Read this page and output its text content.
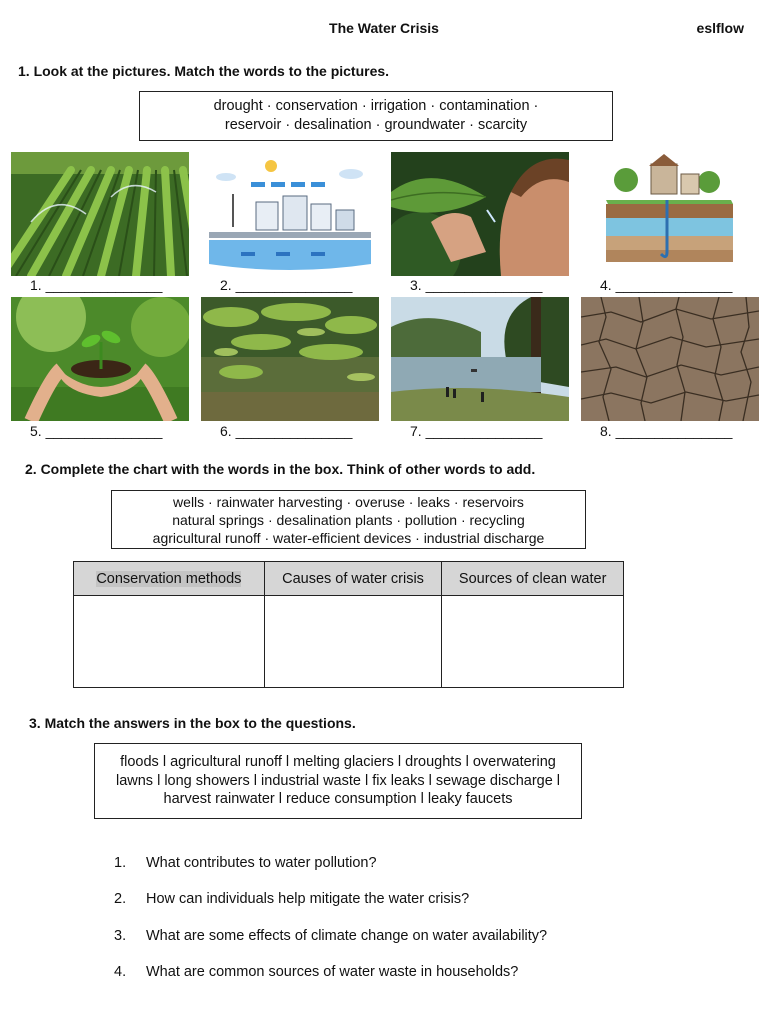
The Water Crisis	eslflow
1. Look at the pictures. Match the words to the pictures.
drought · conservation · irrigation · contamination ·
reservoir · desalination · groundwater · scarcity
1. _______________	2. _______________	3. _______________	4. _______________
5. _______________	6. _______________	7. _______________	8. _______________
2. Complete the chart with the words in the box. Think of other words to add.
wells · rainwater harvesting · overuse · leaks · reservoirs
natural springs · desalination plants · pollution · recycling
agricultural runoff · water-efficient devices · industrial discharge
Conservation methods	Causes of water crisis	Sources of clean water

3. Match the answers in the box to the questions.
floods l agricultural runoff l melting glaciers l droughts l overwatering
lawns l long showers l industrial waste l fix leaks l sewage discharge l
harvest rainwater l reduce consumption l leaky faucets
1.	What contributes to water pollution?
2.	How can individuals help mitigate the water crisis?
3.	What are some effects of climate change on water availability?
4.	What are common sources of water waste in households?
